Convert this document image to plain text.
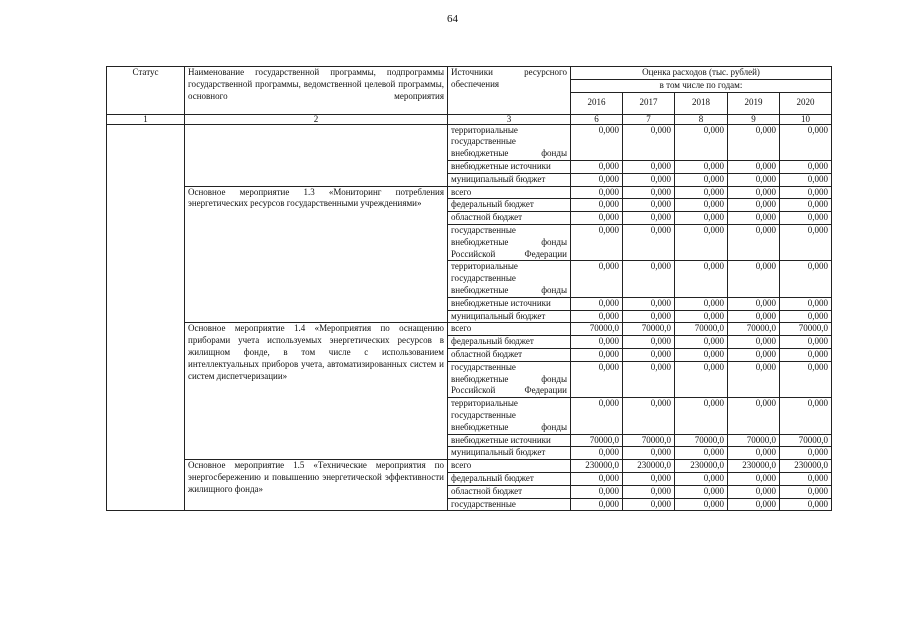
64
Статус	Наименование государственной программы, подпрограммы государственной программы, ведомственной целевой программы, основного мероприятия	Источники ресурсного обеспечения	Оценка расходов (тыс. рублей)				
			в том числе по годам:				
			2016	2017	2018	2019	2020
1	2	3	6	7	8	9	10
		территориальные государственные внебюджетные фонды	0,000	0,000	0,000	0,000	0,000
		внебюджетные источники	0,000	0,000	0,000	0,000	0,000
		муниципальный бюджет	0,000	0,000	0,000	0,000	0,000
	Основное мероприятие 1.3 «Мониторинг потребления энергетических ресурсов государственными учреждениями»	всего	0,000	0,000	0,000	0,000	0,000
		федеральный бюджет	0,000	0,000	0,000	0,000	0,000
		областной бюджет	0,000	0,000	0,000	0,000	0,000
		государственные внебюджетные фонды Российской Федерации	0,000	0,000	0,000	0,000	0,000
		территориальные государственные внебюджетные фонды	0,000	0,000	0,000	0,000	0,000
		внебюджетные источники	0,000	0,000	0,000	0,000	0,000
		муниципальный бюджет	0,000	0,000	0,000	0,000	0,000
	Основное мероприятие 1.4 «Мероприятия по оснащению приборами учета используемых энергетических ресурсов в жилищном фонде, в том числе с использованием интеллектуальных приборов учета, автоматизированных систем и систем диспетчеризации»	всего	70000,0	70000,0	70000,0	70000,0	70000,0
		федеральный бюджет	0,000	0,000	0,000	0,000	0,000
		областной бюджет	0,000	0,000	0,000	0,000	0,000
		государственные внебюджетные фонды Российской Федерации	0,000	0,000	0,000	0,000	0,000
		территориальные государственные внебюджетные фонды	0,000	0,000	0,000	0,000	0,000
		внебюджетные источники	70000,0	70000,0	70000,0	70000,0	70000,0
		муниципальный бюджет	0,000	0,000	0,000	0,000	0,000
	Основное мероприятие 1.5 «Технические мероприятия по энергосбережению и повышению энергетической эффективности жилищного фонда»	всего	230000,0	230000,0	230000,0	230000,0	230000,0
		федеральный бюджет	0,000	0,000	0,000	0,000	0,000
		областной бюджет	0,000	0,000	0,000	0,000	0,000
		государственные	0,000	0,000	0,000	0,000	0,000
